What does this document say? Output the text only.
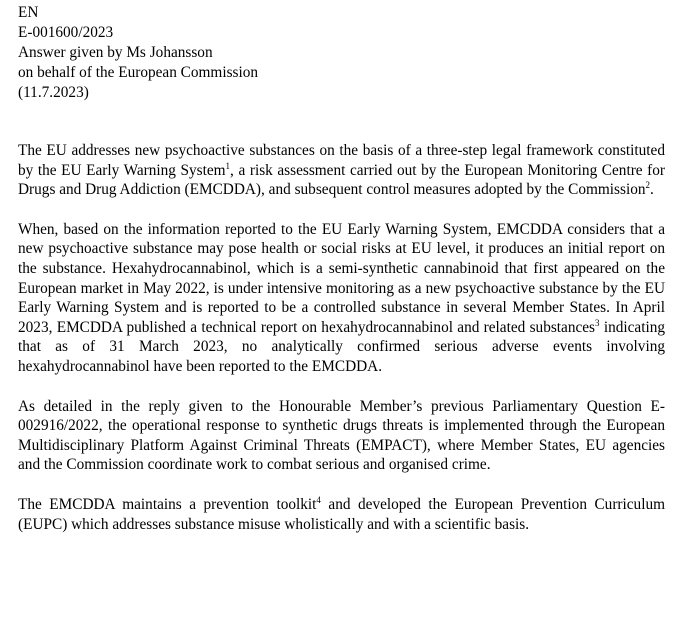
EN
E-001600/2023
Answer given by Ms Johansson
on behalf of the European Commission
(11.7.2023)

The EU addresses new psychoactive substances on the basis of a three-step legal framework constituted by the EU Early Warning System$^1$, a risk assessment carried out by the European Monitoring Centre for Drugs and Drug Addiction (EMCDDA), and subsequent control measures adopted by the Commission$^2$.

When, based on the information reported to the EU Early Warning System, EMCDDA considers that a new psychoactive substance may pose health or social risks at EU level, it produces an initial report on the substance. Hexahydrocannabinol, which is a semi-synthetic cannabinoid that first appeared on the European market in May 2022, is under intensive monitoring as a new psychoactive substance by the EU Early Warning System and is reported to be a controlled substance in several Member States. In April 2023, EMCDDA published a technical report on hexahydrocannabinol and related substances$^3$ indicating that as of 31 March 2023, no analytically confirmed serious adverse events involving hexahydrocannabinol have been reported to the EMCDDA.

As detailed in the reply given to the Honourable Member’s previous Parliamentary Question E-002916/2022, the operational response to synthetic drugs threats is implemented through the European Multidisciplinary Platform Against Criminal Threats (EMPACT), where Member States, EU agencies and the Commission coordinate work to combat serious and organised crime.

The EMCDDA maintains a prevention toolkit$^4$ and developed the European Prevention Curriculum (EUPC) which addresses substance misuse wholistically and with a scientific basis.
